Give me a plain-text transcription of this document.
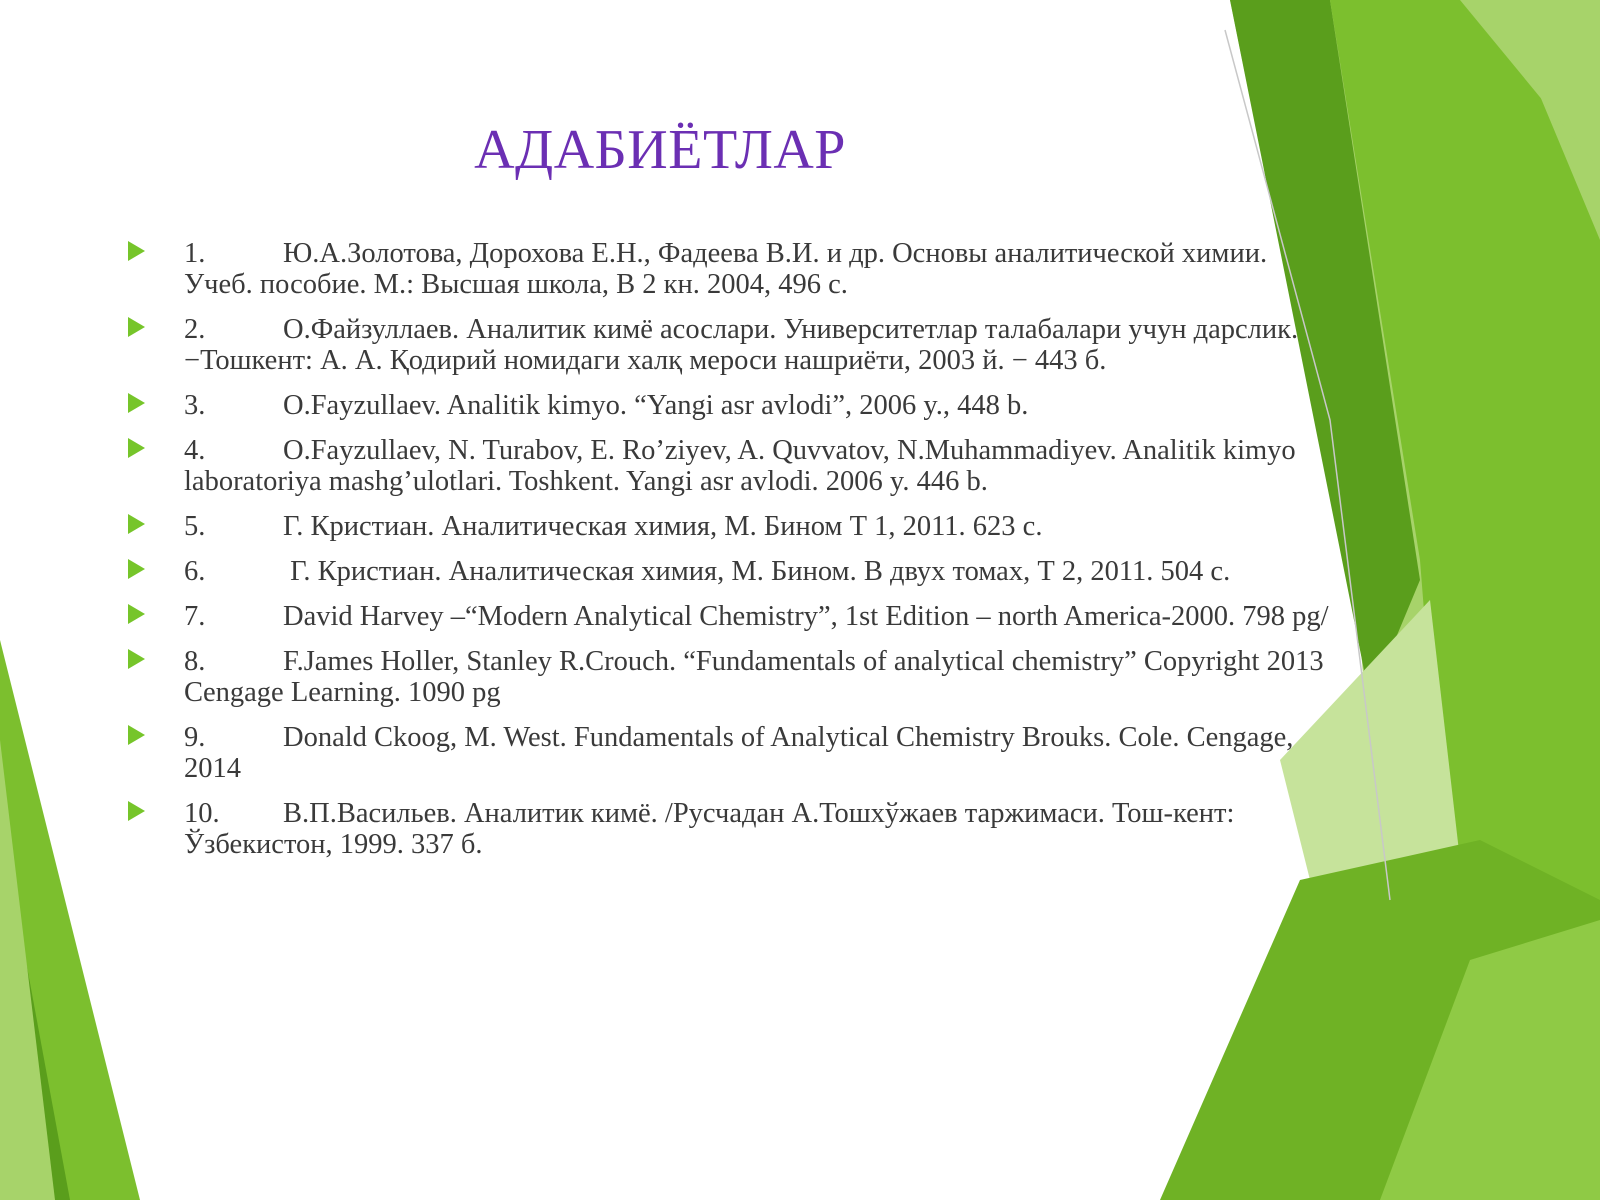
АДАБИЁТЛАР
1.	Ю.А.Золотова, Дорохова Е.Н., Фадеева В.И. и др. Основы аналитической химии. Учеб. пособие. М.: Высшая школа, В 2 кн. 2004, 496 с.
2.	О.Файзуллаев. Аналитик кимё асослари. Университетлар талабалари учун дарслик. −Тошкент: А. А. Қодирий номидаги халқ мероси нашриёти, 2003 й. − 443 б.
3.	O.Fayzullaev. Analitik kimyo. “Yangi asr avlodi”, 2006 y., 448 b.
4.	O.Fayzullaev, N. Turabov, E. Ro’ziyev, A. Quvvatov, N.Muhammadiyev. Analitik kimyo laboratoriya mashg’ulotlari. Toshkent. Yangi asr avlodi. 2006 y. 446 b.
5.	Г. Кристиан. Аналитическая химия, М. Бином Т 1, 2011. 623 с.
6.	Г. Кристиан. Аналитическая химия, М. Бином. В двух томах, Т 2, 2011. 504 с.
7.	David Harvey –“Modern Analytical Chemistry”, 1st Edition – north America-2000. 798 pg/
8.	F.James Holler, Stanley R.Crouch. “Fundamentals of analytical chemistry” Copyright 2013 Cengage Learning. 1090 pg
9.	Donald Ckoog, M. West. Fundamentals of Analytical Chemistry Brouks. Cole. Cengage, 2014
10. В.П.Васильев. Аналитик кимё. /Русчадан А.Тошхўжаев таржимаси. Тош-кент: Ўзбекистон, 1999. 337 б.
